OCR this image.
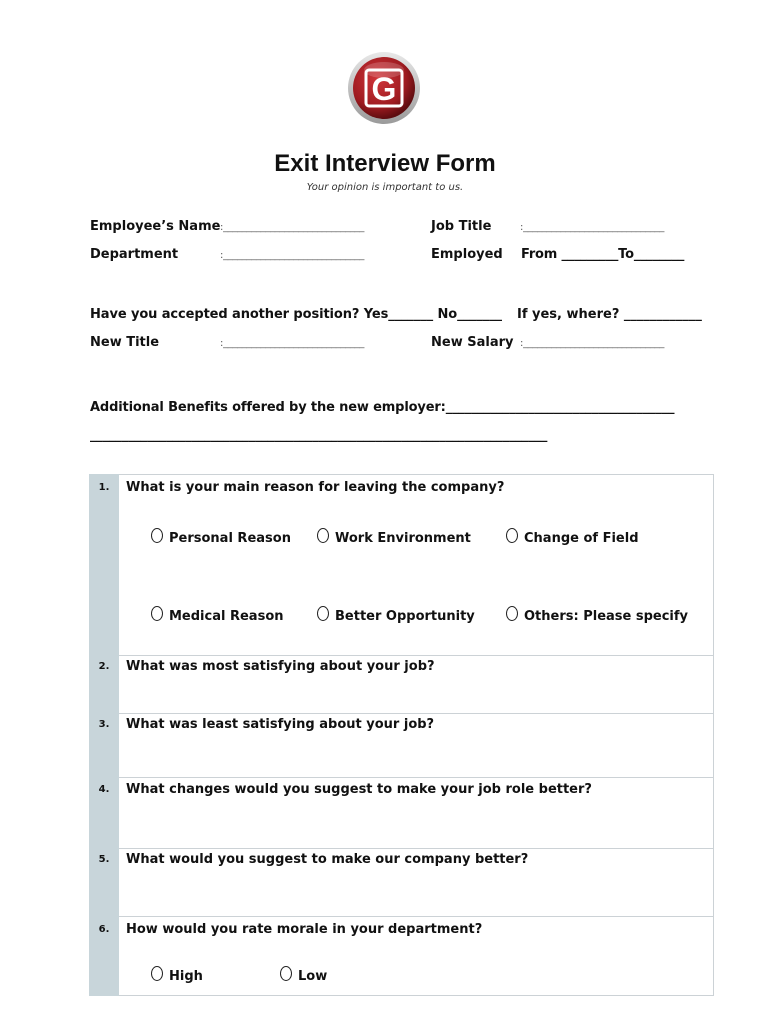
G
Exit Interview Form
Your opinion is important to us.
Employee’s Name :______________________________	Job Title	:______________________________
Department	:______________________________	Employed From _________To________
Have you accepted another position? Yes_______ No_______ If yes, where? ____________
New Title	:______________________________	New Salary :______________________________
Additional Benefits offered by the new employer:____________________________________
________________________________________________________________________
1.	What is your main reason for leaving the company?
Personal Reason	Work Environment	Change of Field
Medical Reason	Better Opportunity	Others: Please specify
2.	What was most satisfying about your job?
3.	What was least satisfying about your job?
4.	What changes would you suggest to make your job role better?
5.	What would you suggest to make our company better?
6.	How would you rate morale in your department?
High	Low
